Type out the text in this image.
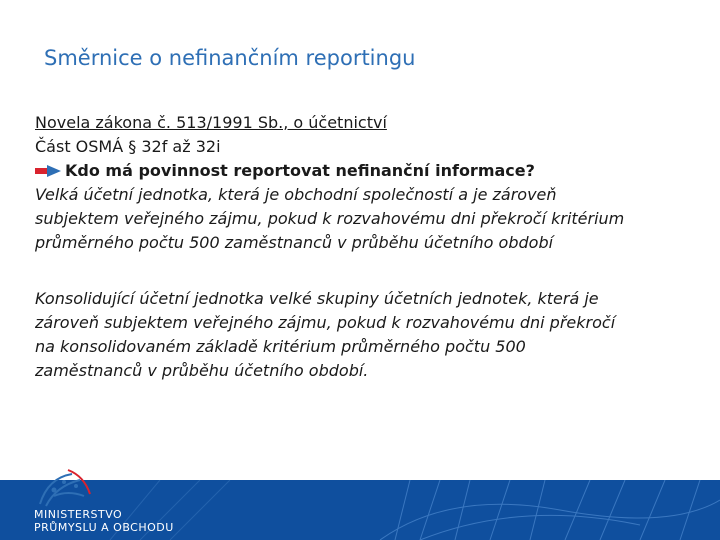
Směrnice o nefinančním reportingu
Novela zákona č. 513/1991 Sb., o účetnictví
Část OSMÁ § 32f až 32i
Kdo má povinnost reportovat nefinanční informace?
Velká účetní jednotka, která je obchodní společností a je zároveň
subjektem veřejného zájmu, pokud k rozvahovému dni překročí kritérium
průměrného počtu 500 zaměstnanců v průběhu účetního období
Konsolidující účetní jednotka velké skupiny účetních jednotek, která je
zároveň subjektem veřejného zájmu, pokud k rozvahovému dni překročí
na konsolidovaném základě kritérium průměrného počtu 500
zaměstnanců v průběhu účetního období.
MINISTERSTVO
PRŮMYSLU A OBCHODU
